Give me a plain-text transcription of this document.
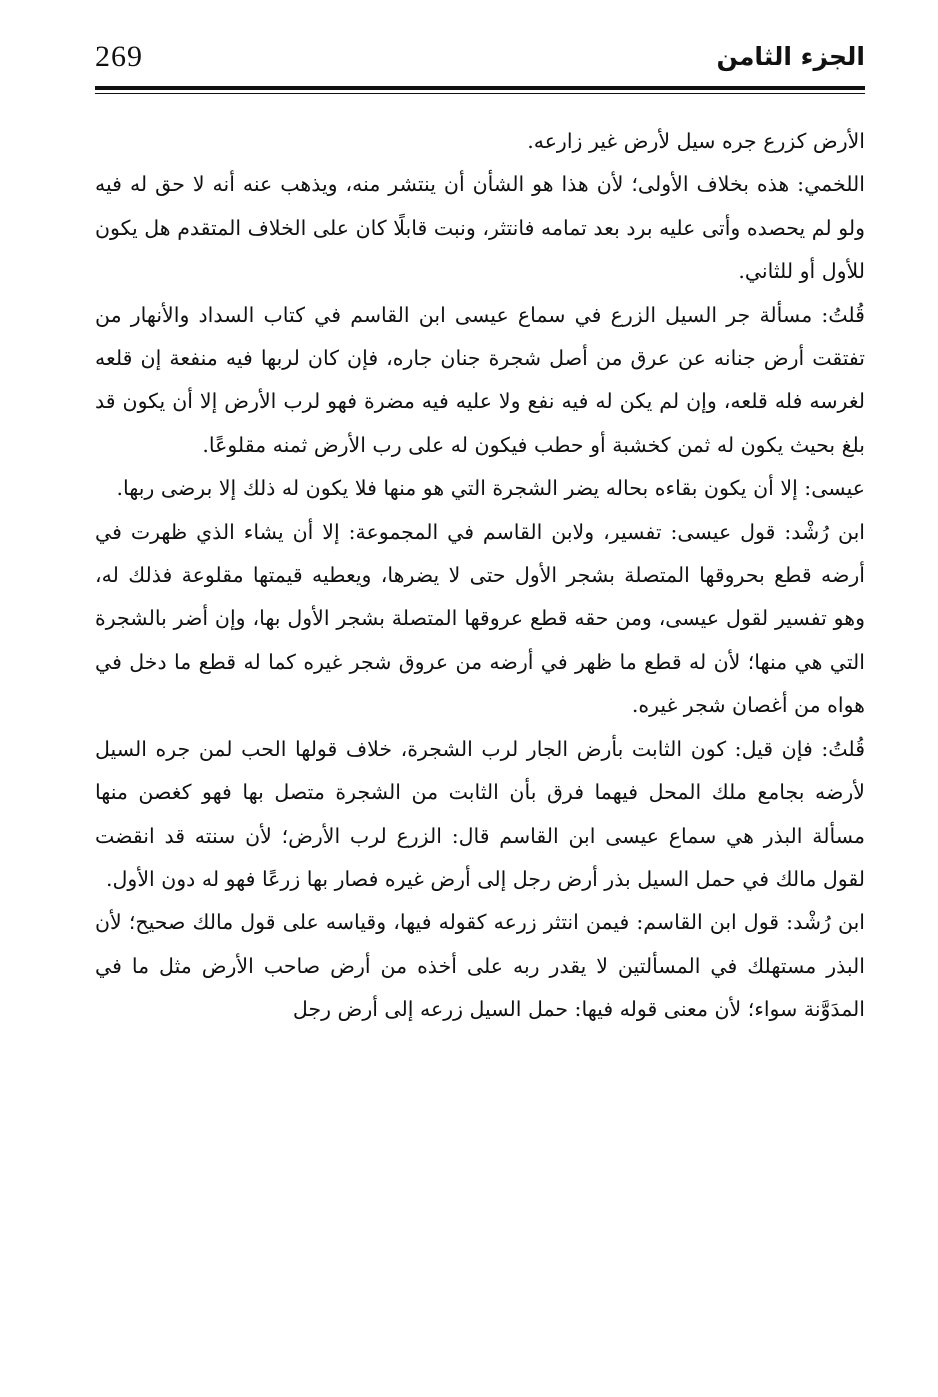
269	الجزء الثامن

الأرض كزرع جره سيل لأرض غير زارعه.

اللخمي: هذه بخلاف الأولى؛ لأن هذا هو الشأن أن ينتشر منه، ويذهب عنه أنه لا حق له فيه ولو لم يحصده وأتى عليه برد بعد تمامه فانتثر، ونبت قابلًا كان على الخلاف المتقدم هل يكون للأول أو للثاني.

قُلتُ: مسألة جر السيل الزرع في سماع عيسى ابن القاسم في كتاب السداد والأنهار من تفتقت أرض جنانه عن عرق من أصل شجرة جنان جاره، فإن كان لربها فيه منفعة إن قلعه لغرسه فله قلعه، وإن لم يكن له فيه نفع ولا عليه فيه مضرة فهو لرب الأرض إلا أن يكون قد بلغ بحيث يكون له ثمن كخشبة أو حطب فيكون له على رب الأرض ثمنه مقلوعًا.

عيسى: إلا أن يكون بقاءه بحاله يضر الشجرة التي هو منها فلا يكون له ذلك إلا برضى ربها.

ابن رُشْد: قول عيسى: تفسير، ولابن القاسم في المجموعة: إلا أن يشاء الذي ظهرت في أرضه قطع بحروقها المتصلة بشجر الأول حتى لا يضرها، ويعطيه قيمتها مقلوعة فذلك له، وهو تفسير لقول عيسى، ومن حقه قطع عروقها المتصلة بشجر الأول بها، وإن أضر بالشجرة التي هي منها؛ لأن له قطع ما ظهر في أرضه من عروق شجر غيره كما له قطع ما دخل في هواه من أغصان شجر غيره.

قُلتُ: فإن قيل: كون الثابت بأرض الجار لرب الشجرة، خلاف قولها الحب لمن جره السيل لأرضه بجامع ملك المحل فيهما فرق بأن الثابت من الشجرة متصل بها فهو كغصن منها مسألة البذر هي سماع عيسى ابن القاسم قال: الزرع لرب الأرض؛ لأن سنته قد انقضت لقول مالك في حمل السيل بذر أرض رجل إلى أرض غيره فصار بها زرعًا فهو له دون الأول.

ابن رُشْد: قول ابن القاسم: فيمن انتثر زرعه كقوله فيها، وقياسه على قول مالك صحيح؛ لأن البذر مستهلك في المسألتين لا يقدر ربه على أخذه من أرض صاحب الأرض مثل ما في المدَوَّنة سواء؛ لأن معنى قوله فيها: حمل السيل زرعه إلى أرض رجل
